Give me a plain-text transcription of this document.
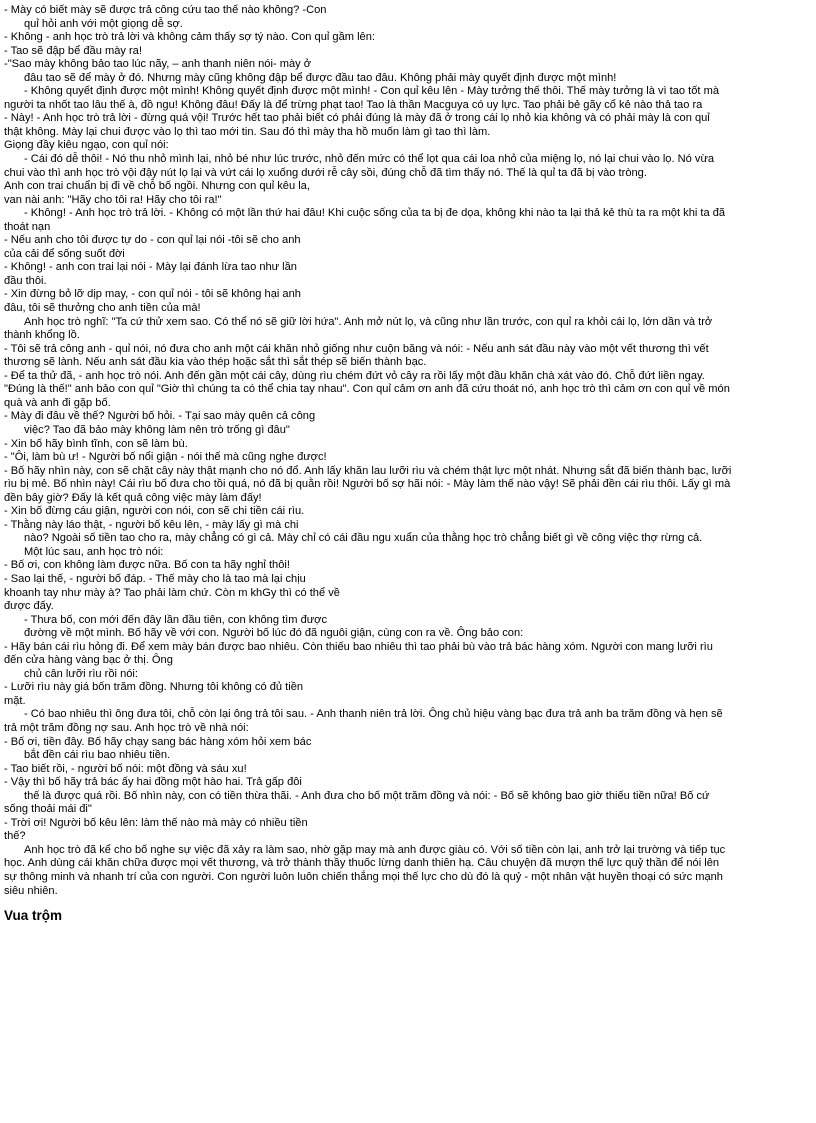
- Mày có biết mày sẽ được trả công cứu tao thế nào không? -Con
quỉ hỏi anh với một giọng dễ sợ.
- Không - anh học trò trả lời và không cảm thấy sợ tý nào. Con quỉ gầm lên:
- Tao sẽ đập bể đầu mày ra!
-"Sao mày không bảo tao lúc nãy, – anh thanh niên nói- mày ở
đâu tao sẽ để mày ở đó. Nhưng mày cũng không đập bể được đầu tao đâu. Không phải mày quyết định được một mình!
- Không quyết định được một mình! Không quyết định được một mình! - Con quỉ kêu lên - Mày tưởng thế thôi. Thế mày tưởng là vì tao tốt mà
người ta nhốt tao lâu thế à, đồ ngu! Không đâu! Đấy là để trừng phạt tao! Tao là thần Macguya có uy lực. Tao phải bẻ gãy cổ kẻ nào thả tao ra
- Này! - Anh học trò trả lời - đừng quá vội! Trước hết tao phải biết có phải đúng là mày đã ở trong cái lọ nhỏ kia không và có phải mày là con quỉ
thật không. Mày lại chui được vào lọ thì tao mới tin. Sau đó thì mày tha hồ muốn làm gì tao thì làm.
Giọng đầy kiêu ngạo, con quỉ nói:
- Cái đó dễ thôi! - Nó thu nhỏ mình lại, nhỏ bé như lúc trước, nhỏ đến mức có thể lọt qua cái loa nhỏ của miệng lọ, nó lại chui vào lọ. Nó vừa
chui vào thì anh học trò vội đậy nút lọ lại và vứt cái lọ xuống dưới rễ cây sồi, đúng chỗ đã tìm thấy nó. Thế là quỉ ta đã bị vào tròng.
Anh con trai chuẩn bị đi về chỗ bố ngồi. Nhưng con quỉ kêu la,
van nài anh: "Hãy cho tôi ra! Hãy cho tôi ra!"
- Không! - Anh học trò trả lời. - Không có một lần thứ hai đâu! Khi cuộc sống của ta bị đe dọa, không khi nào ta lại thả kẻ thù ta ra một khi ta đã
thoát nạn
- Nếu anh cho tôi được tự do - con quỉ lại nói -tôi sẽ cho anh
của cải để sống suốt đời
- Không! - anh con trai lại nói - Mày lại đánh lừa tao như lần
đầu thôi.
- Xin đừng bỏ lỡ dịp may, - con quỉ nói - tôi sẽ không hại anh
đâu, tôi sẽ thưởng cho anh tiền của mà!
Anh học trò nghĩ: "Ta cứ thử xem sao. Có thể nó sẽ giữ lời hứa". Anh mở nút lọ, và cũng như lần trước, con quỉ ra khỏi cái lọ, lớn dần và trở
thành khổng lồ.
- Tôi sẽ trả công anh - quỉ nói, nó đưa cho anh một cái khăn nhỏ giống như cuộn băng và nói: - Nếu anh sát đầu này vào một vết thương thì vết
thương sẽ lành. Nếu anh sát đầu kia vào thép hoặc sắt thì sắt thép sẽ biến thành bạc.
- Để ta thử đã, - anh học trò nói. Anh đến gần một cái cây, dùng rìu chém đứt vỏ cây ra rồi lấy một đầu khăn chà xát vào đó. Chỗ đứt liền ngay.
"Đúng là thế!" anh bảo con quỉ "Giờ thì chúng ta có thể chia tay nhau". Con quỉ cảm ơn anh đã cứu thoát nó, anh học trò thì cảm ơn con quỉ về món
quà và anh đi gặp bố.
- Mày đi đâu về thế? Người bố hỏi. - Tại sao mày quên cả công
việc? Tao đã bảo mày không làm nên trò trống gì đâu"
- Xin bố hãy bình tĩnh, con sẽ làm bù.
- "Ôi, làm bù ư! - Người bố nổi giận - nói thế mà cũng nghe được!
- Bố hãy nhìn này, con sẽ chặt cây này thật mạnh cho nó đổ. Anh lấy khăn lau lưỡi rìu và chém thật lực một nhát. Nhưng sắt đã biến thành bạc, lưỡi
rìu bị mẻ. Bố nhìn này! Cái rìu bố đưa cho tồi quá, nó đã bị quằn rồi! Người bố sợ hãi nói: - Mày làm thế nào vậy! Sẽ phải đền cái rìu thôi. Lấy gì mà
đền bây giờ? Đấy là kết quả công việc mày làm đấy!
- Xin bố đừng cáu giận, người con nói, con sẽ chi tiền cái rìu.
- Thằng này láo thật, - người bố kêu lên, - mày lấy gì mà chi
nào? Ngoài số tiền tao cho ra, mày chẳng có gì cả. Mày chỉ có cái đầu ngu xuẩn của thằng học trò chẳng biết gì về công việc thợ rừng cả.
Một lúc sau, anh học trò nói:
- Bố ơi, con không làm được nữa. Bố con ta hãy nghỉ thôi!
- Sao lại thế, - người bố đáp. - Thế mày cho là tao mà lại chịu
khoanh tay như mày à? Tao phải làm chứ. Còn m khGy thì có thể về
được đấy.
- Thưa bố, con mới đến đây lần đầu tiên, con không tìm được
đường về một mình. Bố hãy về với con. Người bố lúc đó đã nguôi giận, cùng con ra về. Ông bảo con:
- Hãy bán cái rìu hỏng đi. Để xem mày bán được bao nhiêu. Còn thiếu bao nhiêu thì tao phải bù vào trả bác hàng xóm. Người con mang lưỡi rìu
đến cửa hàng vàng bạc ở thị. Ông
chủ cân lưỡi rìu rồi nói:
- Lưỡi rìu này giá bốn trăm đồng. Nhưng tôi không có đủ tiền
mặt.
- Có bao nhiêu thì ông đưa tôi, chỗ còn lại ông trả tôi sau. - Anh thanh niên trả lời. Ông chủ hiệu vàng bạc đưa trả anh ba trăm đồng và hẹn sẽ
trả một trăm đồng nợ sau. Anh học trò về nhà nói:
- Bố ơi, tiền đây. Bố hãy chạy sang bác hàng xóm hỏi xem bác
bắt đền cái rìu bao nhiêu tiền.
- Tao biết rồi, - người bố nói: một đồng và sáu xu!
- Vậy thì bố hãy trả bác ấy hai đồng một hào hai. Trả gấp đôi
thế là được quá rồi. Bố nhìn này, con có tiền thừa thãi. - Anh đưa cho bố một trăm đồng và nói: - Bố sẽ không bao giờ thiếu tiền nữa! Bố cứ
sống thoải mái đi"
- Trời ơi! Người bố kêu lên: làm thế nào mà mày có nhiều tiền
thế?
Anh học trò đã kể cho bố nghe sự việc đã xảy ra làm sao, nhờ gặp may mà anh được giàu có. Với số tiền còn lại, anh trở lại trường và tiếp tục
học. Anh dùng cái khăn chữa được mọi vết thương, và trở thành thầy thuốc lừng danh thiên hạ. Câu chuyện đã mượn thế lực quỷ thần để nói lên
sự thông minh và nhanh trí của con người. Con người luôn luôn chiến thắng mọi thế lực cho dù đó là quỷ - một nhân vật huyền thoại có sức mạnh
siêu nhiên.
Vua trộm
